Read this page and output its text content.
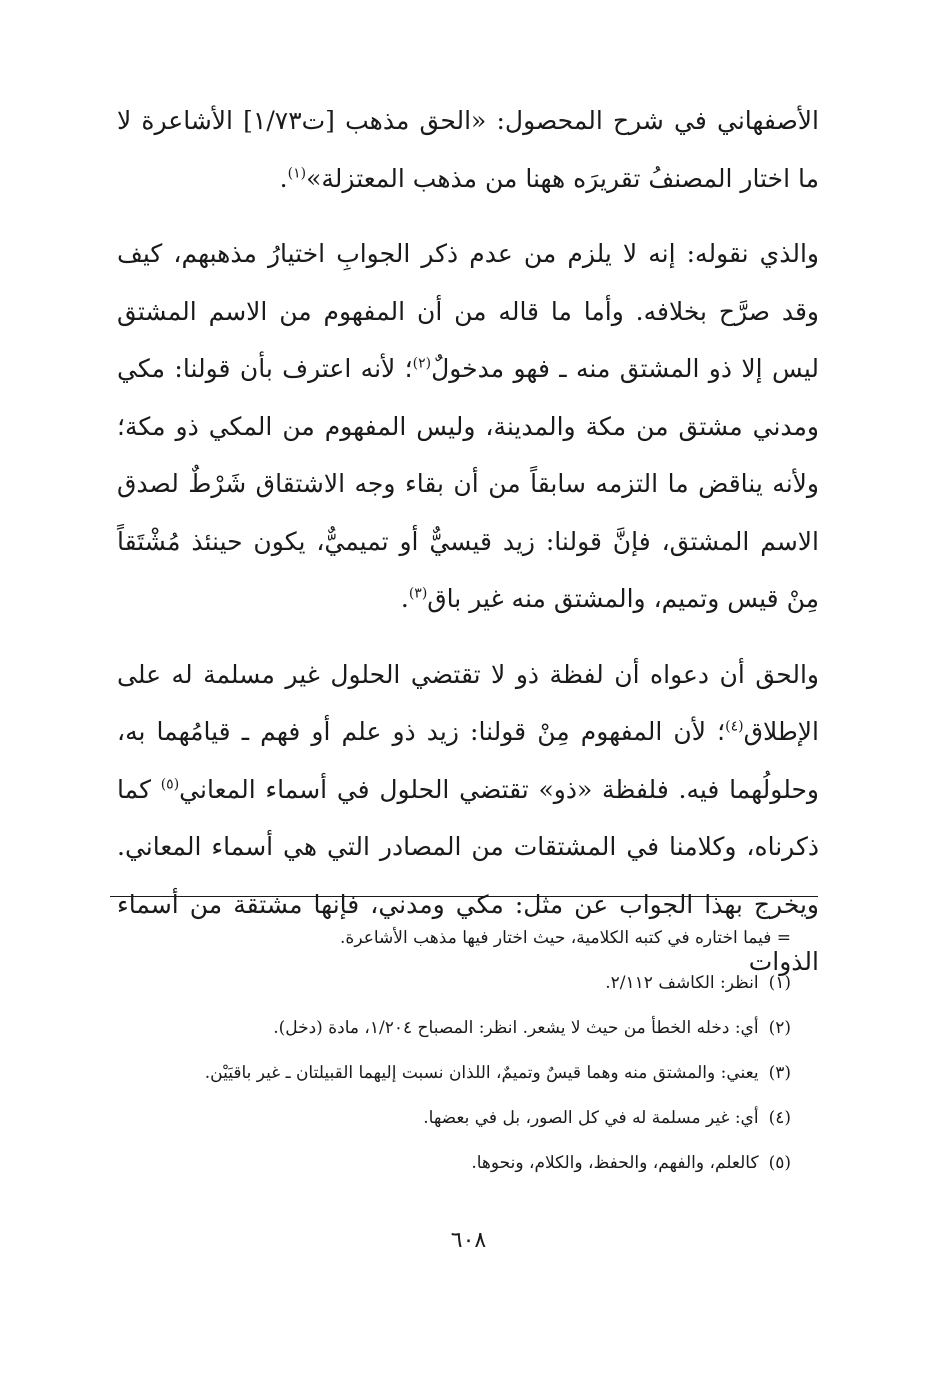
الأصفهاني في شرح المحصول: «الحق مذهب [ت١/٧٣] الأشاعرة لا ما اختار المصنفُ تقريرَه ههنا من مذهب المعتزلة»$^{(١)}$.

والذي نقوله: إنه لا يلزم من عدم ذكر الجوابِ اختيارُ مذهبهم، كيف وقد صرَّح بخلافه. وأما ما قاله من أن المفهوم من الاسم المشتق ليس إلا ذو المشتق منه ـ فهو مدخولٌ$^{(٢)}$؛ لأنه اعترف بأن قولنا: مكي ومدني مشتق من مكة والمدينة، وليس المفهوم من المكي ذو مكة؛ ولأنه يناقض ما التزمه سابقاً من أن بقاء وجه الاشتقاق شَرْطٌ لصدق الاسم المشتق، فإنَّ قولنا: زيد قيسيٌّ أو تميميٌّ، يكون حينئذ مُشْتَقاً مِنْ قيس وتميم، والمشتق منه غير باق$^{(٣)}$.

والحق أن دعواه أن لفظة ذو لا تقتضي الحلول غير مسلمة له على الإطلاق$^{(٤)}$؛ لأن المفهوم مِنْ قولنا: زيد ذو علم أو فهم ـ قيامُهما به، وحلولُهما فيه. فلفظة «ذو» تقتضي الحلول في أسماء المعاني$^{(٥)}$ كما ذكرناه، وكلامنا في المشتقات من المصادر التي هي أسماء المعاني. ويخرج بهذا الجواب عن مثل: مكي ومدني، فإنها مشتقة من أسماء الذوات

= فيما اختاره في كتبه الكلامية، حيث اختار فيها مذهب الأشاعرة.

(١)انظر: الكاشف ٢/١١٢.

(٢)أي: دخله الخطأ من حيث لا يشعر. انظر: المصباح ١/٢٠٤، مادة (دخل).

(٣)يعني: والمشتق منه وهما قيسٌ وتميمٌ، اللذان نسبت إليهما القبيلتان ـ غير باقيَيْن.

(٤)أي: غير مسلمة له في كل الصور، بل في بعضها.

(٥)كالعلم، والفهم، والحفظ، والكلام، ونحوها.

٦٠٨
